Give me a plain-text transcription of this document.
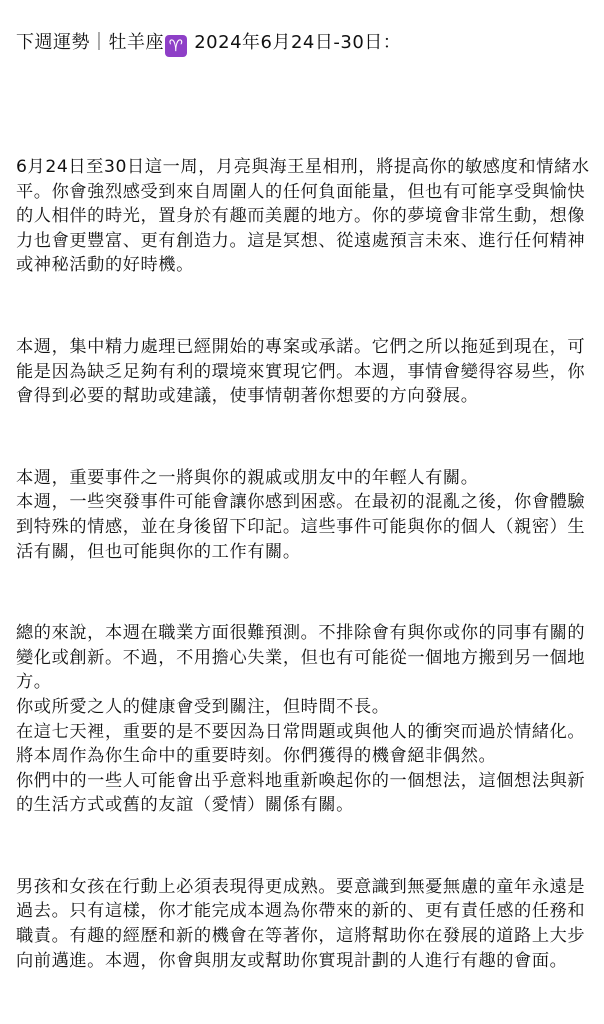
下週運勢｜牡羊座 ♈ 2024年6月24日-30日：

6月24日至30日這一周，月亮與海王星相刑，將提高你的敏感度和情緒水平。你會強烈感受到來自周圍人的任何負面能量，但也有可能享受與愉快的人相伴的時光，置身於有趣而美麗的地方。你的夢境會非常生動，想像力也會更豐富、更有創造力。這是冥想、從遠處預言未來、進行任何精神或神秘活動的好時機。

本週，集中精力處理已經開始的專案或承諾。它們之所以拖延到現在，可能是因為缺乏足夠有利的環境來實現它們。本週，事情會變得容易些，你會得到必要的幫助或建議，使事情朝著你想要的方向發展。

本週，重要事件之一將與你的親戚或朋友中的年輕人有關。
本週，一些突發事件可能會讓你感到困惑。在最初的混亂之後，你會體驗到特殊的情感，並在身後留下印記。這些事件可能與你的個人（親密）生活有關，但也可能與你的工作有關。

總的來說，本週在職業方面很難預測。不排除會有與你或你的同事有關的變化或創新。不過，不用擔心失業，但也有可能從一個地方搬到另一個地方。
你或所愛之人的健康會受到關注，但時間不長。
在這七天裡，重要的是不要因為日常問題或與他人的衝突而過於情緒化。
將本周作為你生命中的重要時刻。你們獲得的機會絕非偶然。
你們中的一些人可能會出乎意料地重新喚起你的一個想法，這個想法與新的生活方式或舊的友誼（愛情）關係有關。

男孩和女孩在行動上必須表現得更成熟。要意識到無憂無慮的童年永遠是過去。只有這樣，你才能完成本週為你帶來的新的、更有責任感的任務和職責。有趣的經歷和新的機會在等著你，這將幫助你在發展的道路上大步向前邁進。本週，你會與朋友或幫助你實現計劃的人進行有趣的會面。
